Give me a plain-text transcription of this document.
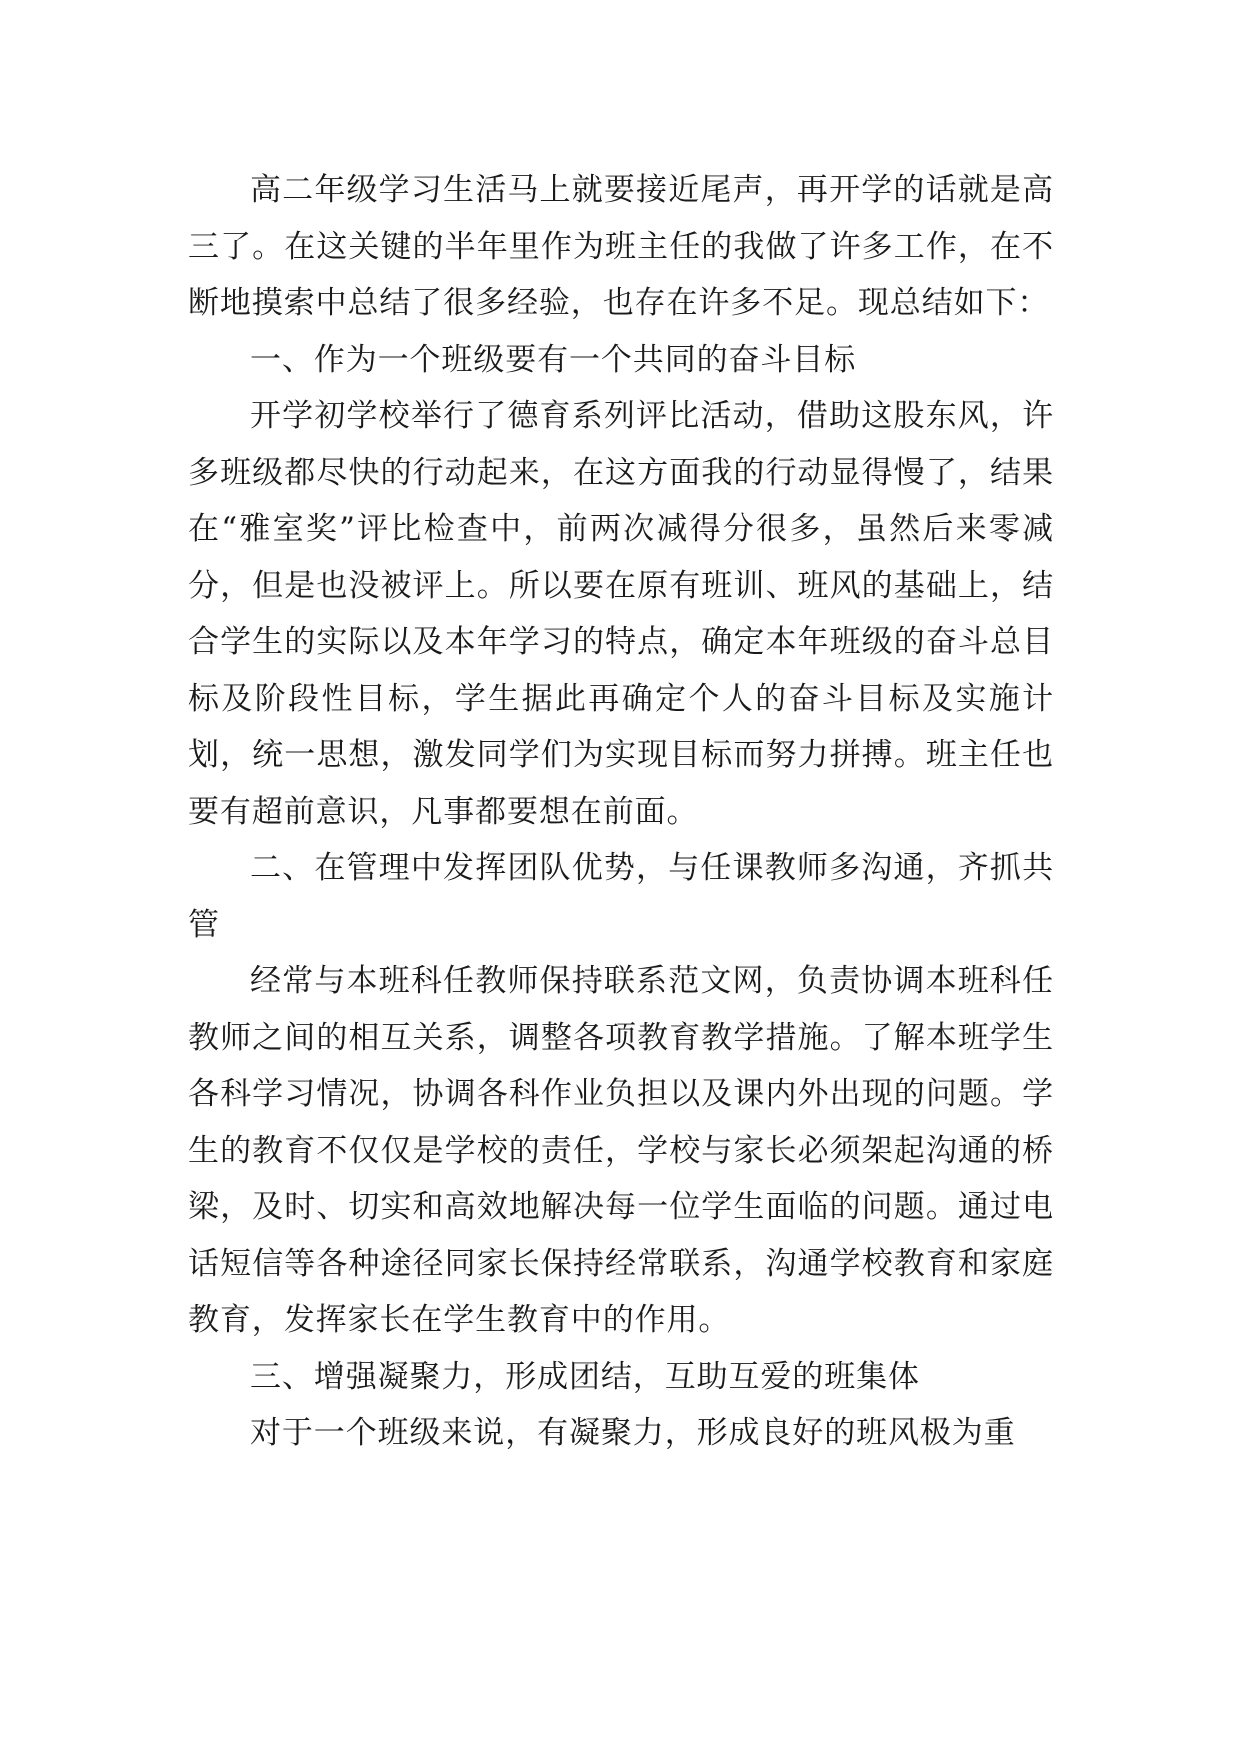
高二年级学习生活马上就要接近尾声，再开学的话就是高三了。在这关键的半年里作为班主任的我做了许多工作，在不断地摸索中总结了很多经验，也存在许多不足。现总结如下：

一、作为一个班级要有一个共同的奋斗目标

开学初学校举行了德育系列评比活动，借助这股东风，许多班级都尽快的行动起来，在这方面我的行动显得慢了，结果在“雅室奖”评比检查中，前两次减得分很多，虽然后来零减分，但是也没被评上。所以要在原有班训、班风的基础上，结合学生的实际以及本年学习的特点，确定本年班级的奋斗总目标及阶段性目标，学生据此再确定个人的奋斗目标及实施计划，统一思想，激发同学们为实现目标而努力拼搏。班主任也要有超前意识，凡事都要想在前面。

二、在管理中发挥团队优势，与任课教师多沟通，齐抓共管

经常与本班科任教师保持联系范文网，负责协调本班科任教师之间的相互关系，调整各项教育教学措施。了解本班学生各科学习情况，协调各科作业负担以及课内外出现的问题。学生的教育不仅仅是学校的责任，学校与家长必须架起沟通的桥梁，及时、切实和高效地解决每一位学生面临的问题。通过电话短信等各种途径同家长保持经常联系，沟通学校教育和家庭教育，发挥家长在学生教育中的作用。

三、增强凝聚力，形成团结，互助互爱的班集体

对于一个班级来说，有凝聚力，形成良好的班风极为重
